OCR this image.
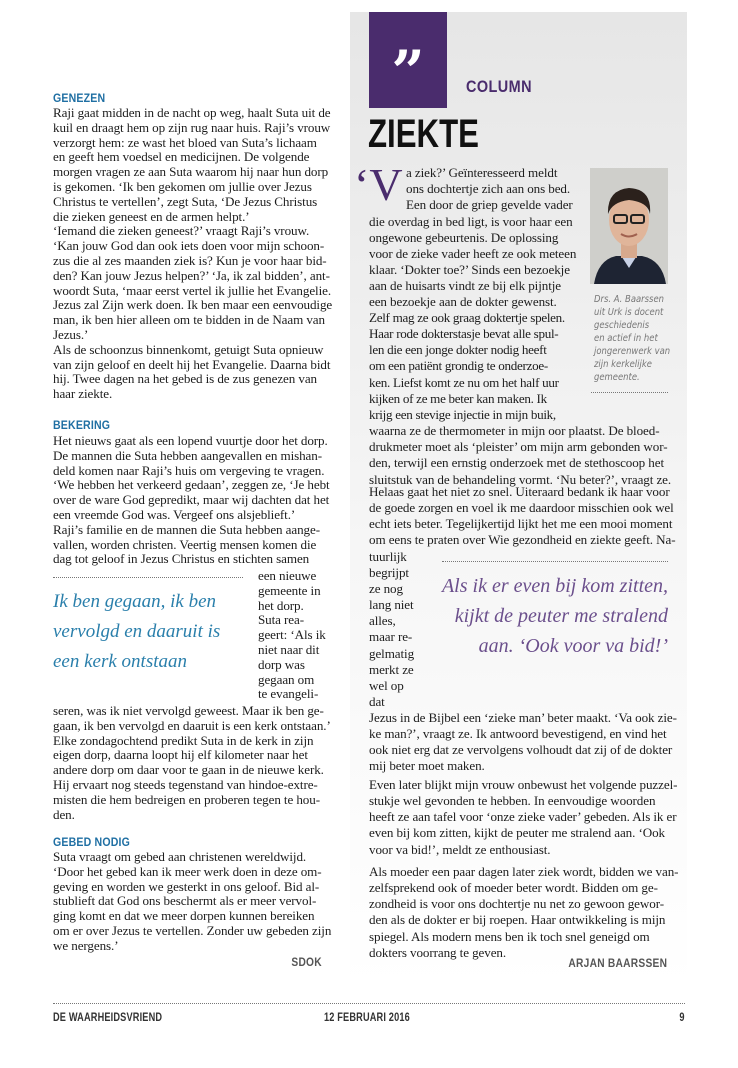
GENEZEN
Raji gaat midden in de nacht op weg, haalt Suta uit de
kuil en draagt hem op zijn rug naar huis. Raji’s vrouw
verzorgt hem: ze wast het bloed van Suta’s lichaam
en geeft hem voedsel en medicijnen. De volgende
morgen vragen ze aan Suta waarom hij naar hun dorp
is gekomen. ‘Ik ben gekomen om jullie over Jezus
Christus te vertellen’, zegt Suta, ‘De Jezus Christus
die zieken geneest en de armen helpt.’
‘Iemand die zieken geneest?’ vraagt Raji’s vrouw.
‘Kan jouw God dan ook iets doen voor mijn schoon-
zus die al zes maanden ziek is? Kun je voor haar bid-
den? Kan jouw Jezus helpen?’ ‘Ja, ik zal bidden’, ant-
woordt Suta, ‘maar eerst vertel ik jullie het Evangelie.
Jezus zal Zijn werk doen. Ik ben maar een eenvoudige
man, ik ben hier alleen om te bidden in de Naam van
Jezus.’
Als de schoonzus binnenkomt, getuigt Suta opnieuw
van zijn geloof en deelt hij het Evangelie. Daarna bidt
hij. Twee dagen na het gebed is de zus genezen van
haar ziekte.
BEKERING
Het nieuws gaat als een lopend vuurtje door het dorp.
De mannen die Suta hebben aangevallen en mishan-
deld komen naar Raji’s huis om vergeving te vragen.
‘We hebben het verkeerd gedaan’, zeggen ze, ‘Je hebt
over de ware God gepredikt, maar wij dachten dat het
een vreemde God was. Vergeef ons alsjeblieft.’
Raji’s familie en de mannen die Suta hebben aange-
vallen, worden christen. Veertig mensen komen die
dag tot geloof in Jezus Christus en stichten samen
een nieuwe
gemeente in
het dorp.
Suta rea-
geert: ‘Als ik
niet naar dit
dorp was
gegaan om
te evangeli-
Ik ben gegaan, ik ben
vervolgd en daaruit is
een kerk ontstaan
seren, was ik niet vervolgd geweest. Maar ik ben ge-
gaan, ik ben vervolgd en daaruit is een kerk ontstaan.’
Elke zondagochtend predikt Suta in de kerk in zijn
eigen dorp, daarna loopt hij elf kilometer naar het
andere dorp om daar voor te gaan in de nieuwe kerk.
Hij ervaart nog steeds tegenstand van hindoe-extre-
misten die hem bedreigen en proberen tegen te hou-
den.
GEBED NODIG
Suta vraagt om gebed aan christenen wereldwijd.
‘Door het gebed kan ik meer werk doen in deze om-
geving en worden we gesterkt in ons geloof. Bid al-
stublieft dat God ons beschermt als er meer vervol-
ging komt en dat we meer dorpen kunnen bereiken
om er over Jezus te vertellen. Zonder uw gebeden zijn
we nergens.’
SDOK
”	COLUMN
ZIEKTE
‘V a ziek?’ Geïnteresseerd meldt
ons dochtertje zich aan ons bed.
Een door de griep gevelde vader
die overdag in bed ligt, is voor haar een
ongewone gebeurtenis. De oplossing
voor de zieke vader heeft ze ook meteen
klaar. ‘Dokter toe?’ Sinds een bezoekje
aan de huisarts vindt ze bij elk pijntje
een bezoekje aan de dokter gewenst.	Drs. A. Baarssen
uit Urk is docent
geschiedenis
en actief in het
jongerenwerk van
zijn kerkelijke
gemeente.
Zelf mag ze ook graag doktertje spelen.
Haar rode dokterstasje bevat alle spul-
len die een jonge dokter nodig heeft
om een patiënt grondig te onderzoe-
ken. Liefst komt ze nu om het half uur
kijken of ze me beter kan maken. Ik
krijg een stevige injectie in mijn buik,
waarna ze de thermometer in mijn oor plaatst. De bloed-
drukmeter moet als ‘pleister’ om mijn arm gebonden wor-
den, terwijl een ernstig onderzoek met de stethoscoop het
sluitstuk van de behandeling vormt. ‘Nu beter?’, vraagt ze.
Helaas gaat het niet zo snel. Uiteraard bedank ik haar voor
de goede zorgen en voel ik me daardoor misschien ook wel
echt iets beter. Tegelijkertijd lijkt het me een mooi moment
om eens te praten over Wie gezondheid en ziekte geeft. Na-
tuurlijk
begrijpt
ze nog
lang niet
alles,
maar re-
gelmatig
merkt ze
wel op
dat
Als ik er even bij kom zitten,
kijkt de peuter me stralend
aan. ‘Ook voor va bid!’
Jezus in de Bijbel een ‘zieke man’ beter maakt. ‘Va ook zie-
ke man?’, vraagt ze. Ik antwoord bevestigend, en vind het
ook niet erg dat ze vervolgens volhoudt dat zij of de dokter
mij beter moet maken.
Even later blijkt mijn vrouw onbewust het volgende puzzel-
stukje wel gevonden te hebben. In eenvoudige woorden
heeft ze aan tafel voor ‘onze zieke vader’ gebeden. Als ik er
even bij kom zitten, kijkt de peuter me stralend aan. ‘Ook
voor va bid!’, meldt ze enthousiast.
Als moeder een paar dagen later ziek wordt, bidden we van-
zelfsprekend ook of moeder beter wordt. Bidden om ge-
zondheid is voor ons dochtertje nu net zo gewoon gewor-
den als de dokter er bij roepen. Haar ontwikkeling is mijn
spiegel. Als modern mens ben ik toch snel geneigd om
dokters voorrang te geven.
ARJAN BAARSSEN
DE WAARHEIDSVRIEND	12 FEBRUARI 2016	9
